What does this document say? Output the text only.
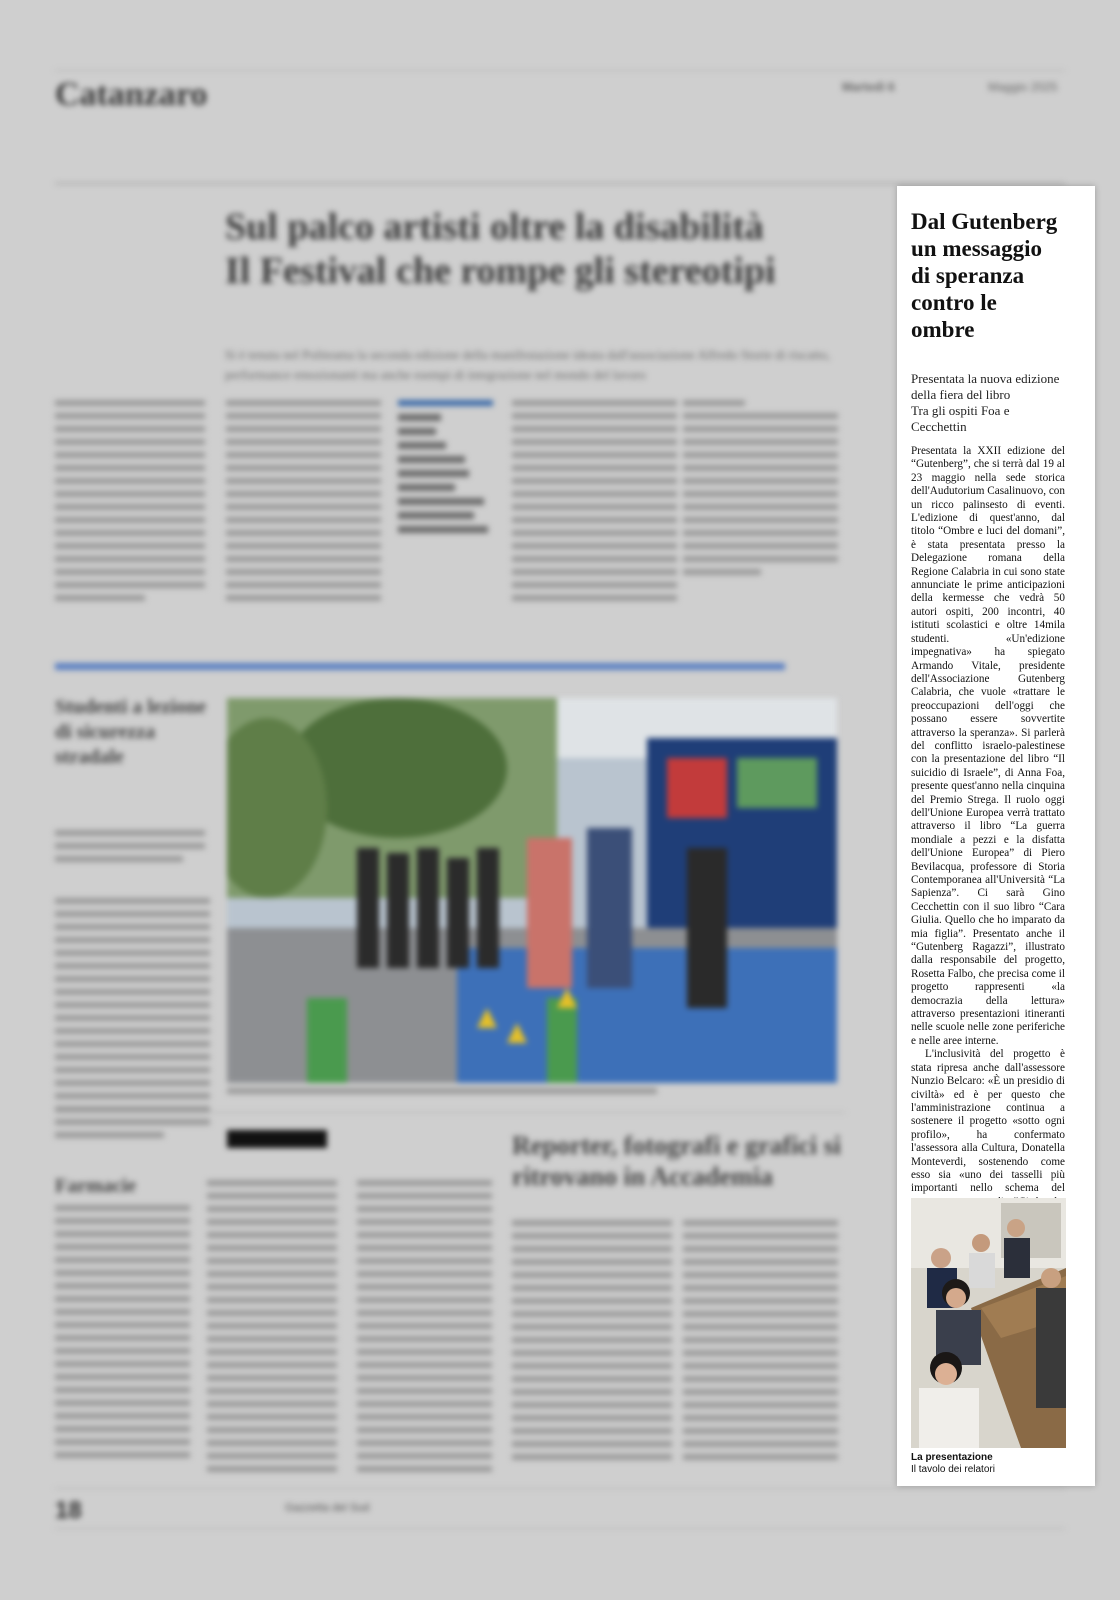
Catanzaro	Martedì 6	Maggio 2025
Sul palco artisti oltre la disabilità
Il Festival che rompe gli stereotipi
Si è tenuta nel Politeama la seconda edizione della manifestazione ideata dall'associazione Alfredo Storie di riscatto, performance emozionanti ma anche esempi di integrazione nel mondo del lavoro
Studenti a lezione di sicurezza stradale
Farmacie
Reporter, fotografi e grafici si ritrovano in Accademia
18	Gazzetta del Sud
Dal Gutenberg un messaggio di speranza contro le ombre
Presentata la nuova edizione della fiera del libro
Tra gli ospiti Foa e Cecchettin

Presentata la XXII edizione del “Gutenberg”, che si terrà dal 19 al 23 maggio nella sede storica dell'Audutorium Casalinuovo, con un ricco palinsesto di eventi. L'edizione di quest'anno, dal titolo “Ombre e luci del domani”, è stata presentata presso la Delegazione romana della Regione Calabria in cui sono state annunciate le prime anticipazioni della kermesse che vedrà 50 autori ospiti, 200 incontri, 40 istituti scolastici e oltre 14mila studenti. «Un'edizione impegnativa» ha spiegato Armando Vitale, presidente dell'Associazione Gutenberg Calabria, che vuole «trattare le preoccupazioni dell'oggi che possano essere sovvertite attraverso la speranza». Si parlerà del conflitto israelo-palestinese con la presentazione del libro “Il suicidio di Israele”, di Anna Foa, presente quest'anno nella cinquina del Premio Strega. Il ruolo oggi dell'Unione Europea verrà trattato attraverso il libro “La guerra mondiale a pezzi e la disfatta dell'Unione Europea” di Piero Bevilacqua, professore di Storia Contemporanea all'Università “La Sapienza”. Ci sarà Gino Cecchettin con il suo libro “Cara Giulia. Quello che ho imparato da mia figlia”. Presentato anche il “Gutenberg Ragazzi”, illustrato dalla responsabile del progetto, Rosetta Falbo, che precisa come il progetto rappresenti «la democrazia della lettura» attraverso presentazioni itineranti nelle scuole nelle zone periferiche e nelle aree interne.

L'inclusività del progetto è stata ripresa anche dall'assessore Nunzio Belcaro: «È un presidio di civiltà» ed è per questo che l'amministrazione continua a sostenere il progetto «sotto ogni profilo», ha confermato l'assessora alla Cultura, Donatella Monteverdi, sostenendo come esso sia «uno dei tasselli più importanti nello schema del

La presentazione
Il tavolo dei relatori
